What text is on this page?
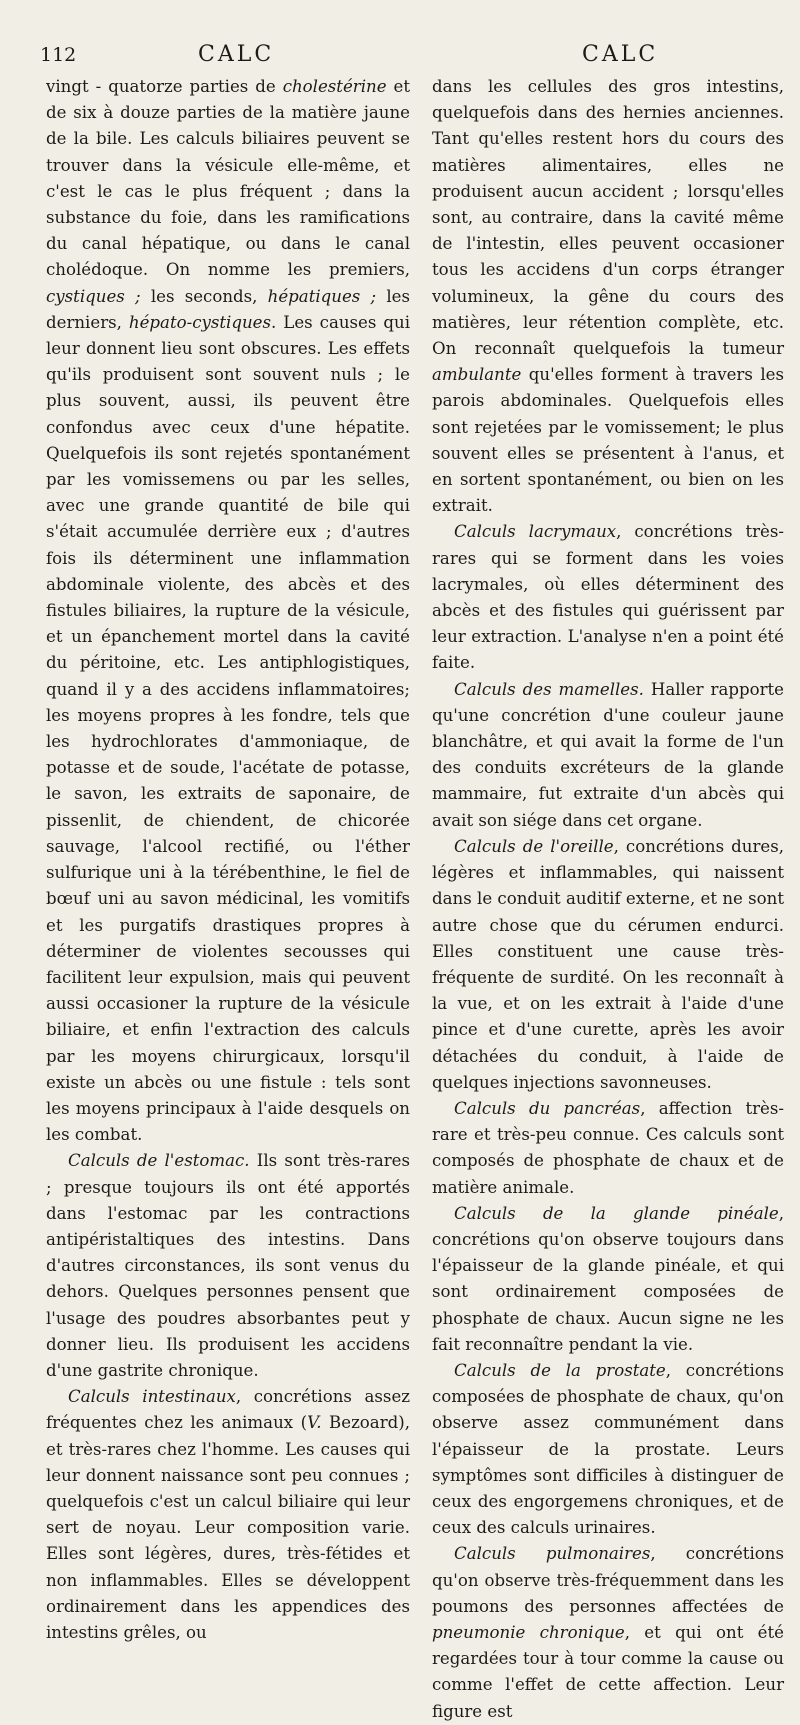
112	CALC	CALC

vingt - quatorze parties de cholestérine et de six à douze parties de la matière jaune de la bile. Les calculs biliaires peuvent se trouver dans la vésicule elle-même, et c'est le cas le plus fréquent ; dans la substance du foie, dans les ramifications du canal hépatique, ou dans le canal cholédoque. On nomme les premiers, cystiques ; les seconds, hépatiques ; les derniers, hépato-cystiques. Les causes qui leur donnent lieu sont obscures. Les effets qu'ils produisent sont souvent nuls ; le plus souvent, aussi, ils peuvent être confondus avec ceux d'une hépatite. Quelquefois ils sont rejetés spontanément par les vomissemens ou par les selles, avec une grande quantité de bile qui s'était accumulée derrière eux ; d'autres fois ils déterminent une inflammation abdominale violente, des abcès et des fistules biliaires, la rupture de la vésicule, et un épanchement mortel dans la cavité du péritoine, etc. Les antiphlogistiques, quand il y a des accidens inflammatoires; les moyens propres à les fondre, tels que les hydrochlorates d'ammoniaque, de potasse et de soude, l'acétate de potasse, le savon, les extraits de saponaire, de pissenlit, de chiendent, de chicorée sauvage, l'alcool rectifié, ou l'éther sulfurique uni à la térébenthine, le fiel de bœuf uni au savon médicinal, les vomitifs et les purgatifs drastiques propres à déterminer de violentes secousses qui facilitent leur expulsion, mais qui peuvent aussi occasioner la rupture de la vésicule biliaire, et enfin l'extraction des calculs par les moyens chirurgicaux, lorsqu'il existe un abcès ou une fistule : tels sont les moyens principaux à l'aide desquels on les combat.

Calculs de l'estomac. Ils sont très-rares ; presque toujours ils ont été apportés dans l'estomac par les contractions antipéristaltiques des intestins. Dans d'autres circonstances, ils sont venus du dehors. Quelques personnes pensent que l'usage des poudres absorbantes peut y donner lieu. Ils produisent les accidens d'une gastrite chronique.

Calculs intestinaux, concrétions assez fréquentes chez les animaux (V. Bezoard), et très-rares chez l'homme. Les causes qui leur donnent naissance sont peu connues ; quelquefois c'est un calcul biliaire qui leur sert de noyau. Leur composition varie. Elles sont légères, dures, très-fétides et non inflammables. Elles se développent ordinairement dans les appendices des intestins grêles, ou

dans les cellules des gros intestins, quelquefois dans des hernies anciennes. Tant qu'elles restent hors du cours des matières alimentaires, elles ne produisent aucun accident ; lorsqu'elles sont, au contraire, dans la cavité même de l'intestin, elles peuvent occasioner tous les accidens d'un corps étranger volumineux, la gêne du cours des matières, leur rétention complète, etc. On reconnaît quelquefois la tumeur ambulante qu'elles forment à travers les parois abdominales. Quelquefois elles sont rejetées par le vomissement; le plus souvent elles se présentent à l'anus, et en sortent spontanément, ou bien on les extrait.

Calculs lacrymaux, concrétions très-rares qui se forment dans les voies lacrymales, où elles déterminent des abcès et des fistules qui guérissent par leur extraction. L'analyse n'en a point été faite.

Calculs des mamelles. Haller rapporte qu'une concrétion d'une couleur jaune blanchâtre, et qui avait la forme de l'un des conduits excréteurs de la glande mammaire, fut extraite d'un abcès qui avait son siége dans cet organe.

Calculs de l'oreille, concrétions dures, légères et inflammables, qui naissent dans le conduit auditif externe, et ne sont autre chose que du cérumen endurci. Elles constituent une cause très-fréquente de surdité. On les reconnaît à la vue, et on les extrait à l'aide d'une pince et d'une curette, après les avoir détachées du conduit, à l'aide de quelques injections savonneuses.

Calculs du pancréas, affection très-rare et très-peu connue. Ces calculs sont composés de phosphate de chaux et de matière animale.

Calculs de la glande pinéale, concrétions qu'on observe toujours dans l'épaisseur de la glande pinéale, et qui sont ordinairement composées de phosphate de chaux. Aucun signe ne les fait reconnaître pendant la vie.

Calculs de la prostate, concrétions composées de phosphate de chaux, qu'on observe assez communément dans l'épaisseur de la prostate. Leurs symptômes sont difficiles à distinguer de ceux des engorgemens chroniques, et de ceux des calculs urinaires.

Calculs pulmonaires, concrétions qu'on observe très-fréquemment dans les poumons des personnes affectées de pneumonie chronique, et qui ont été regardées tour à tour comme la cause ou comme l'effet de cette affection. Leur figure est
